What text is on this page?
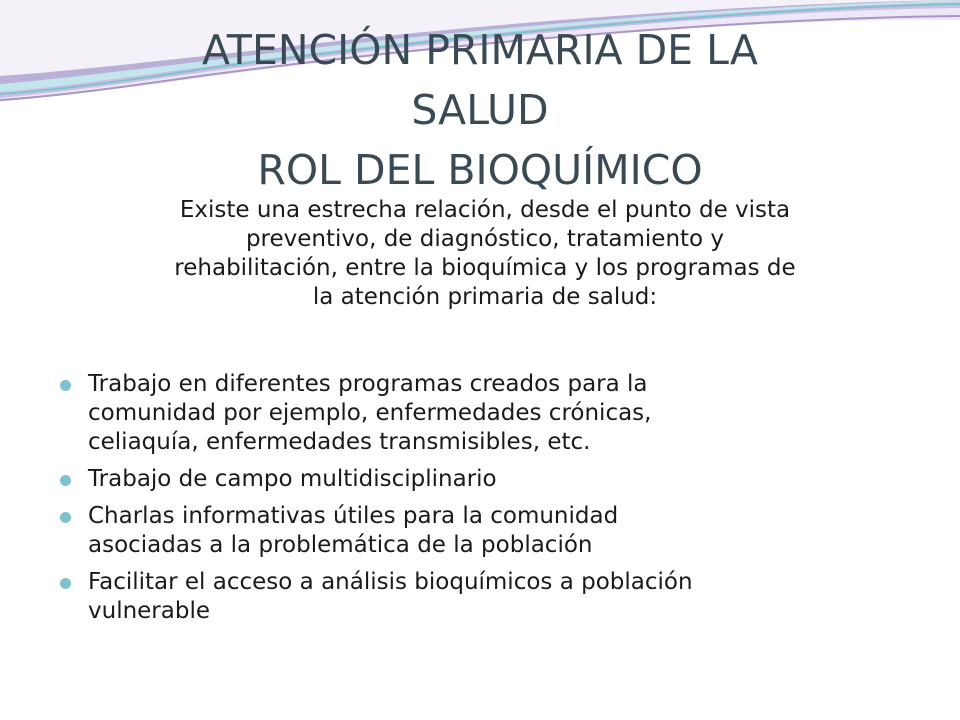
ATENCIÓN PRIMARIA DE LA
SALUD
ROL DEL BIOQUÍMICO
Existe una estrecha relación, desde el punto de vista
preventivo, de diagnóstico, tratamiento y
rehabilitación, entre la bioquímica y los programas de
la atención primaria de salud:
Trabajo en diferentes programas creados para la
comunidad por ejemplo, enfermedades crónicas,
celiaquía, enfermedades transmisibles, etc.
Trabajo de campo multidisciplinario
Charlas informativas útiles para la comunidad
asociadas a la problemática de la población
Facilitar el acceso a análisis bioquímicos a población
vulnerable
